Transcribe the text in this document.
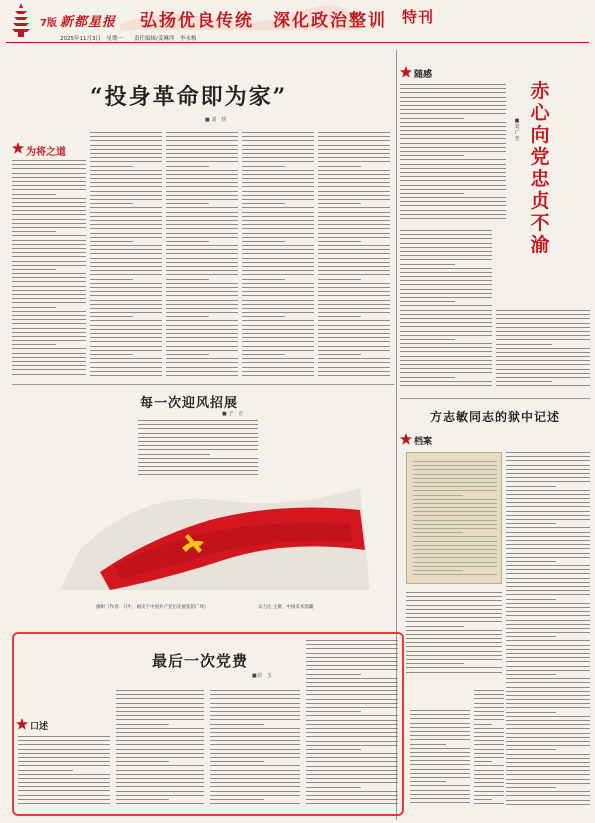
7版 新都星报 弘扬优良传统　深化政治整训 特刊
2025年11月3日　星期一　　责任编辑/姜琳萍　李永梅
“投身革命即为家”
■ 刘　钧
为将之道
随感
赤心向党　忠贞不渝
■刘广奎
方志敏同志的狱中记述
档案
每一次迎风招展
■ 子　正
旗帜（作者：马牛，画史于中国共产党历史展览馆广场）	吴力达 主摄，中国美术馆藏
最后一次党费
■刘　玉
口述
